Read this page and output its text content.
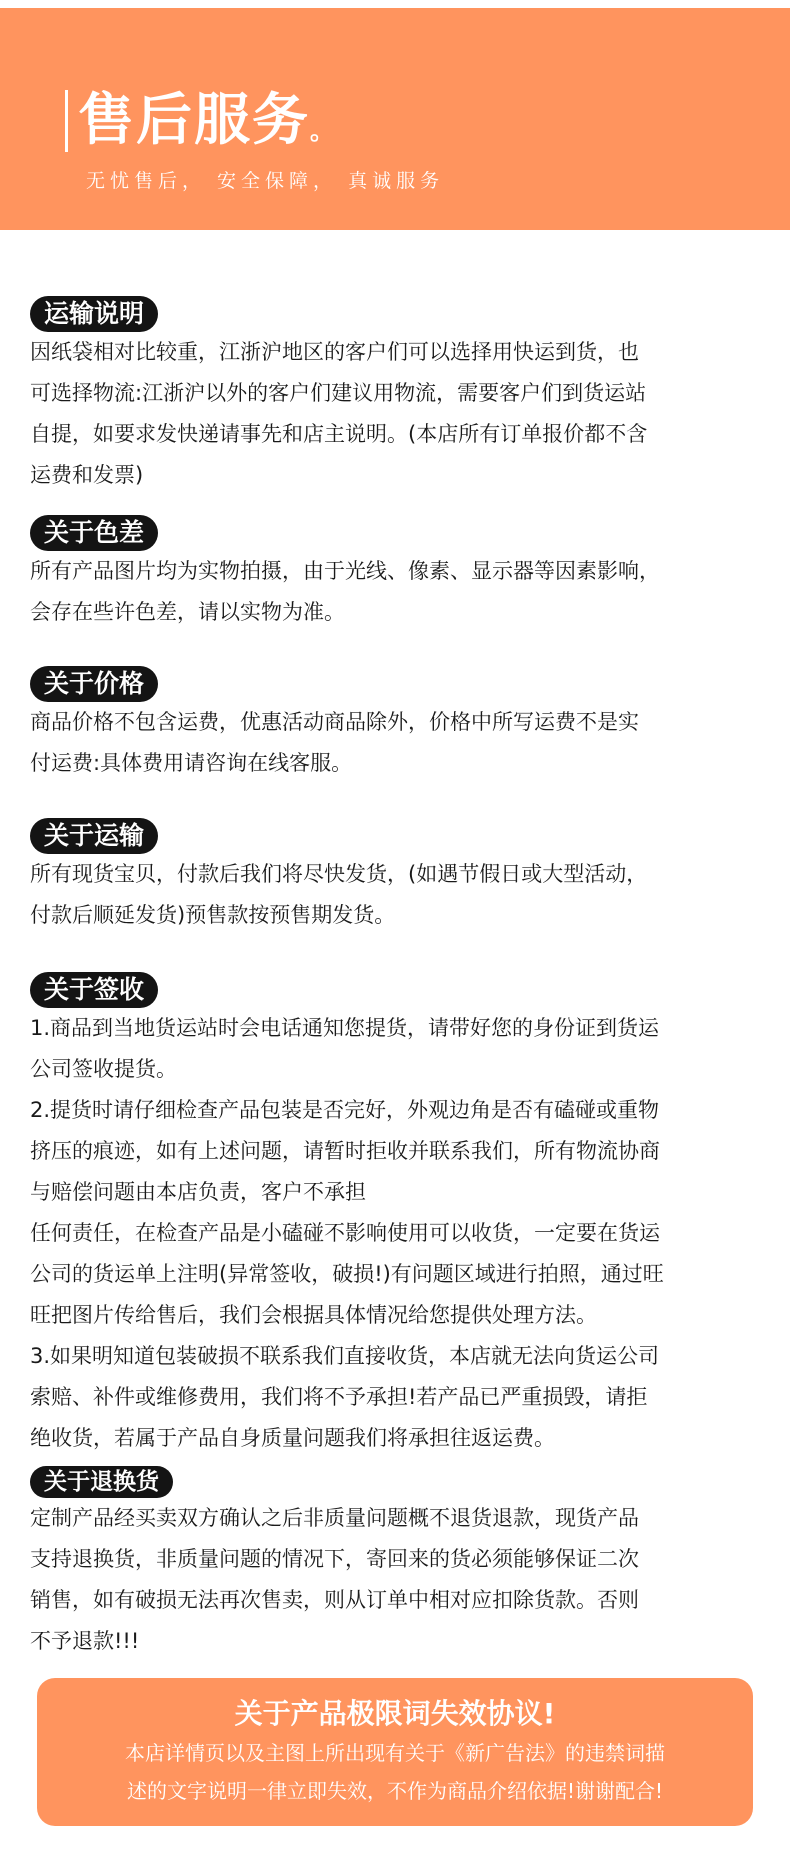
售后服务。
无忧售后， 安全保障， 真诚服务
运输说明

因纸袋相对比较重，江浙沪地区的客户们可以选择用快运到货，也

可选择物流:江浙沪以外的客户们建议用物流，需要客户们到货运站

自提，如要求发快递请事先和店主说明。(本店所有订单报价都不含

运费和发票)

关于色差

所有产品图片均为实物拍摄，由于光线、像素、显示器等因素影响，

会存在些许色差，请以实物为准。

关于价格

商品价格不包含运费，优惠活动商品除外，价格中所写运费不是实

付运费:具体费用请咨询在线客服。

关于运输

所有现货宝贝，付款后我们将尽快发货，(如遇节假日或大型活动，

付款后顺延发货)预售款按预售期发货。

关于签收

1.商品到当地货运站时会电话通知您提货，请带好您的身份证到货运

公司签收提货。

2.提货时请仔细检查产品包装是否完好，外观边角是否有磕碰或重物

挤压的痕迹，如有上述问题，请暂时拒收并联系我们，所有物流协商

与赔偿问题由本店负责，客户不承担

任何责任，在检查产品是小磕碰不影响使用可以收货，一定要在货运

公司的货运单上注明(异常签收，破损!)有问题区域进行拍照，通过旺

旺把图片传给售后，我们会根据具体情况给您提供处理方法。

3.如果明知道包装破损不联系我们直接收货，本店就无法向货运公司

索赔、补件或维修费用，我们将不予承担!若产品已严重损毁，请拒

绝收货，若属于产品自身质量问题我们将承担往返运费。

关于退换货

定制产品经买卖双方确认之后非质量问题概不退货退款，现货产品

支持退换货，非质量问题的情况下，寄回来的货必须能够保证二次

销售，如有破损无法再次售卖，则从订单中相对应扣除货款。否则

不予退款!!!

关于产品极限词失效协议!
本店详情页以及主图上所出现有关于《新广告法》的违禁词描
述的文字说明一律立即失效，不作为商品介绍依据!谢谢配合!
